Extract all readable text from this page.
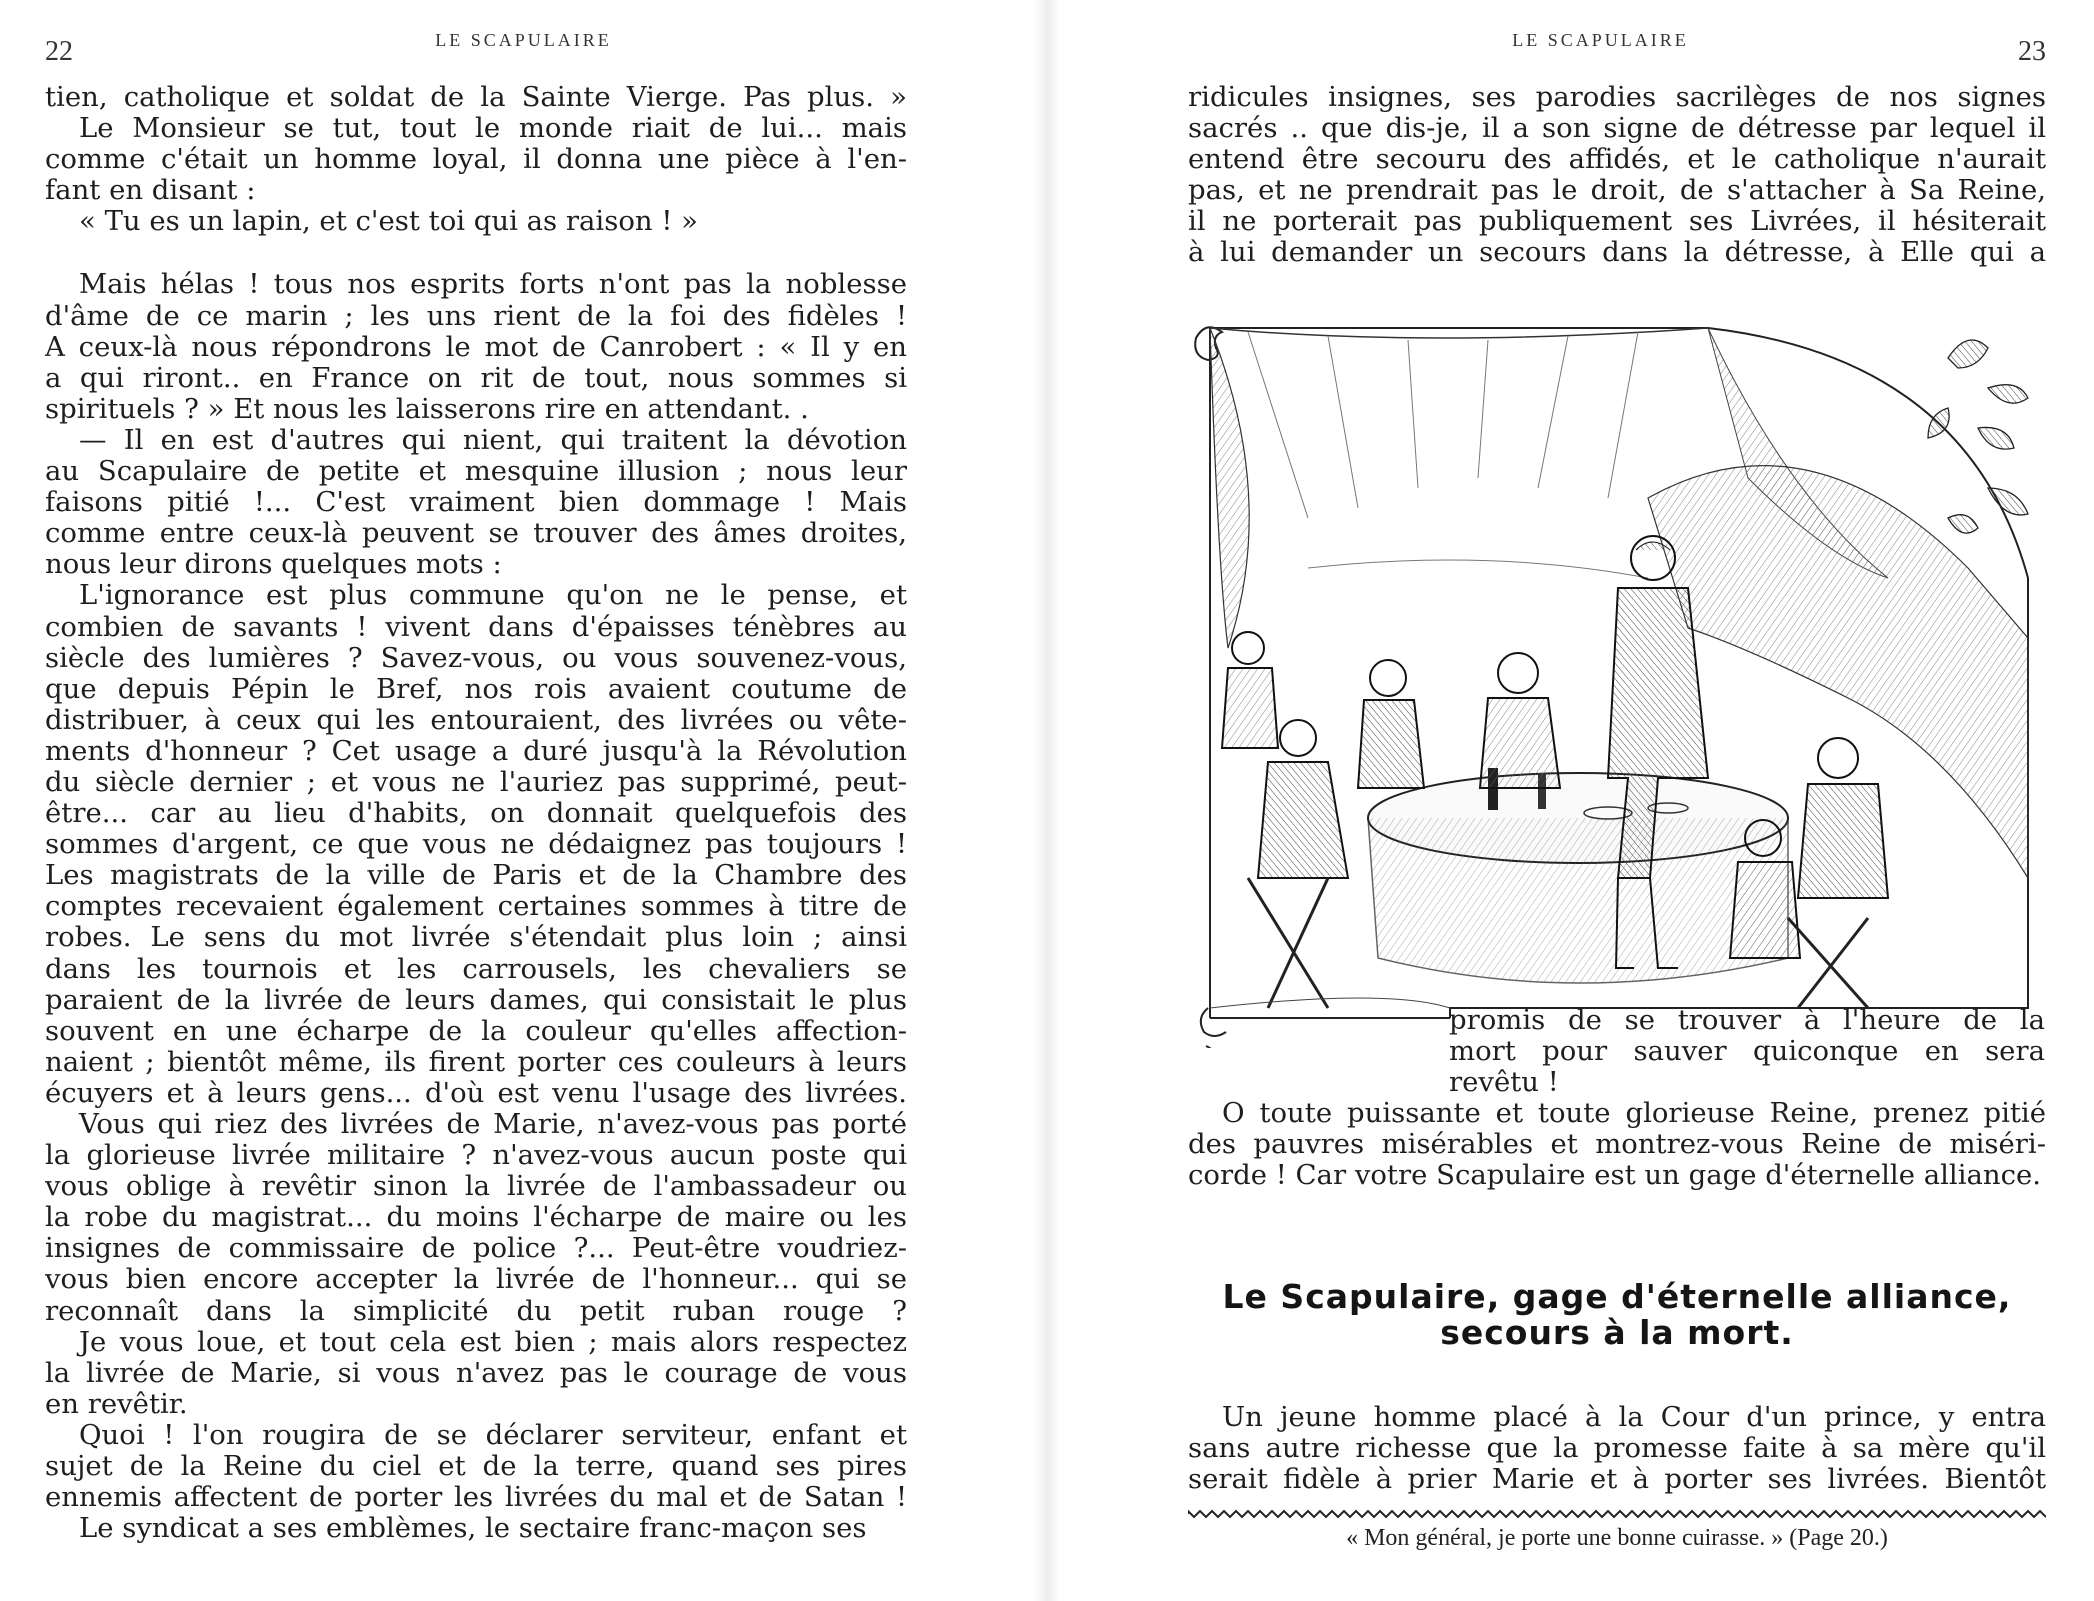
22	LE SCAPULAIRE
tien, catholique et soldat de la Sainte Vierge. Pas plus. »
Le Monsieur se tut, tout le monde riait de lui... mais
comme c'était un homme loyal, il donna une pièce à l'en-
fant en disant :
« Tu es un lapin, et c'est toi qui as raison ! »
Mais hélas ! tous nos esprits forts n'ont pas la noblesse
d'âme de ce marin ; les uns rient de la foi des fidèles !
A ceux-là nous répondrons le mot de Canrobert : « Il y en
a qui riront.. en France on rit de tout, nous sommes si
spirituels ? » Et nous les laisserons rire en attendant. .
— Il en est d'autres qui nient, qui traitent la dévotion
au Scapulaire de petite et mesquine illusion ; nous leur
faisons pitié !... C'est vraiment bien dommage ! Mais
comme entre ceux-là peuvent se trouver des âmes droites,
nous leur dirons quelques mots :
L'ignorance est plus commune qu'on ne le pense, et
combien de savants ! vivent dans d'épaisses ténèbres au
siècle des lumières ? Savez-vous, ou vous souvenez-vous,
que depuis Pépin le Bref, nos rois avaient coutume de
distribuer, à ceux qui les entouraient, des livrées ou vête-
ments d'honneur ? Cet usage a duré jusqu'à la Révolution
du siècle dernier ; et vous ne l'auriez pas supprimé, peut-
être... car au lieu d'habits, on donnait quelquefois des
sommes d'argent, ce que vous ne dédaignez pas toujours !
Les magistrats de la ville de Paris et de la Chambre des
comptes recevaient également certaines sommes à titre de
robes. Le sens du mot livrée s'étendait plus loin ; ainsi
dans les tournois et les carrousels, les chevaliers se
paraient de la livrée de leurs dames, qui consistait le plus
souvent en une écharpe de la couleur qu'elles affection-
naient ; bientôt même, ils firent porter ces couleurs à leurs
écuyers et à leurs gens... d'où est venu l'usage des livrées.
Vous qui riez des livrées de Marie, n'avez-vous pas porté
la glorieuse livrée militaire ? n'avez-vous aucun poste qui
vous oblige à revêtir sinon la livrée de l'ambassadeur ou
la robe du magistrat... du moins l'écharpe de maire ou les
insignes de commissaire de police ?... Peut-être voudriez-
vous bien encore accepter la livrée de l'honneur... qui se
reconnaît dans la simplicité du petit ruban rouge ?
Je vous loue, et tout cela est bien ; mais alors respectez
la livrée de Marie, si vous n'avez pas le courage de vous
en revêtir.
Quoi ! l'on rougira de se déclarer serviteur, enfant et
sujet de la Reine du ciel et de la terre, quand ses pires
ennemis affectent de porter les livrées du mal et de Satan !
Le syndicat a ses emblèmes, le sectaire franc-maçon ses
LE SCAPULAIRE	23
ridicules insignes, ses parodies sacrilèges de nos signes
sacrés .. que dis-je, il a son signe de détresse par lequel il
entend être secouru des affidés, et le catholique n'aurait
pas, et ne prendrait pas le droit, de s'attacher à Sa Reine,
il ne porterait pas publiquement ses Livrées, il hésiterait
à lui demander un secours dans la détresse, à Elle qui a
promis de se trouver à l'heure de la
mort pour sauver quiconque en sera
revêtu !
O toute puissante et toute glorieuse Reine, prenez pitié
des pauvres misérables et montrez-vous Reine de miséri-
corde ! Car votre Scapulaire est un gage d'éternelle alliance.
Le Scapulaire, gage d'éternelle alliance,
secours à la mort.
Un jeune homme placé à la Cour d'un prince, y entra
sans autre richesse que la promesse faite à sa mère qu'il
serait fidèle à prier Marie et à porter ses livrées. Bientôt
« Mon général, je porte une bonne cuirasse. » (Page 20.)
